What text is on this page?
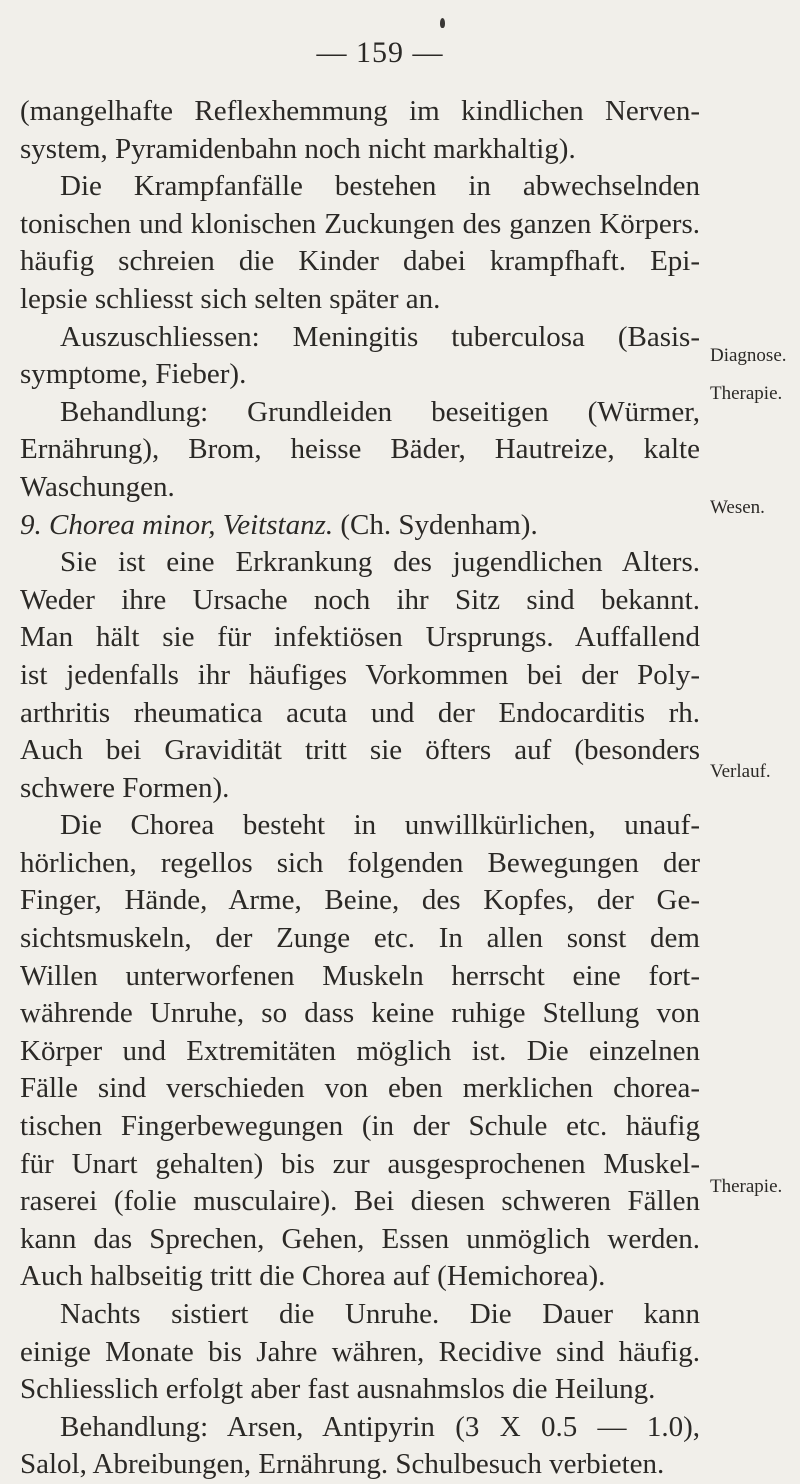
— 159 —
(mangelhafte Reflexhemmung im kindlichen Nerven-
system, Pyramidenbahn noch nicht markhaltig).
Die Krampfanfälle bestehen in abwechselnden
tonischen und klonischen Zuckungen des ganzen Körpers.
häufig schreien die Kinder dabei krampfhaft. Epi-
lepsie schliesst sich selten später an.
Auszuschliessen: Meningitis tuberculosa (Basis-
symptome, Fieber).
Behandlung: Grundleiden beseitigen (Würmer,
Ernährung), Brom, heisse Bäder, Hautreize, kalte
Waschungen.
9. Chorea minor, Veitstanz. (Ch. Sydenham).
Sie ist eine Erkrankung des jugendlichen Alters.
Weder ihre Ursache noch ihr Sitz sind bekannt.
Man hält sie für infektiösen Ursprungs. Auffallend
ist jedenfalls ihr häufiges Vorkommen bei der Poly-
arthritis rheumatica acuta und der Endocarditis rh.
Auch bei Gravidität tritt sie öfters auf (besonders
schwere Formen).
Die Chorea besteht in unwillkürlichen, unauf-
hörlichen, regellos sich folgenden Bewegungen der
Finger, Hände, Arme, Beine, des Kopfes, der Ge-
sichtsmuskeln, der Zunge etc. In allen sonst dem
Willen unterworfenen Muskeln herrscht eine fort-
währende Unruhe, so dass keine ruhige Stellung von
Körper und Extremitäten möglich ist. Die einzelnen
Fälle sind verschieden von eben merklichen chorea-
tischen Fingerbewegungen (in der Schule etc. häufig
für Unart gehalten) bis zur ausgesprochenen Muskel-
raserei (folie musculaire). Bei diesen schweren Fällen
kann das Sprechen, Gehen, Essen unmöglich werden.
Auch halbseitig tritt die Chorea auf (Hemichorea).
Nachts sistiert die Unruhe. Die Dauer kann
einige Monate bis Jahre währen, Recidive sind häufig.
Schliesslich erfolgt aber fast ausnahmslos die Heilung.
Behandlung: Arsen, Antipyrin (3 X 0.5 — 1.0),
Salol, Abreibungen, Ernährung. Schulbesuch verbieten.
Diagnose.
Therapie.
Wesen.
Verlauf.
Therapie.
